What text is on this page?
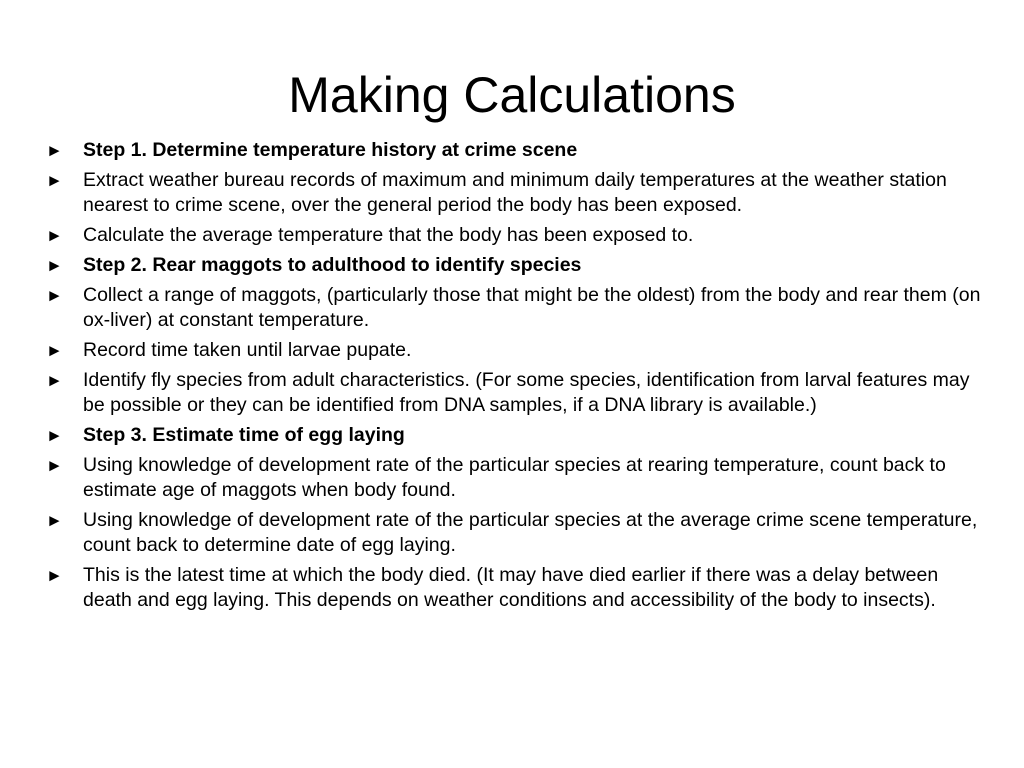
Making Calculations
►	Step 1. Determine temperature history at crime scene
►	Extract weather bureau records of maximum and minimum daily temperatures at the weather station nearest to crime scene, over the general period the body has been exposed.
►	Calculate the average temperature that the body has been exposed to.
►	Step 2. Rear maggots to adulthood to identify species
►	Collect a range of maggots, (particularly those that might be the oldest) from the body and rear them (on ox-liver) at constant temperature.
►	Record time taken until larvae pupate.
►	Identify fly species from adult characteristics. (For some species, identification from larval features may be possible or they can be identified from DNA samples, if a DNA library is available.)
►	Step 3. Estimate time of egg laying
►	Using knowledge of development rate of the particular species at rearing temperature, count back to estimate age of maggots when body found.
►	Using knowledge of development rate of the particular species at the average crime scene temperature, count back to determine date of egg laying.
►	This is the latest time at which the body died. (It may have died earlier if there was a delay between death and egg laying. This depends on weather conditions and accessibility of the body to insects).
